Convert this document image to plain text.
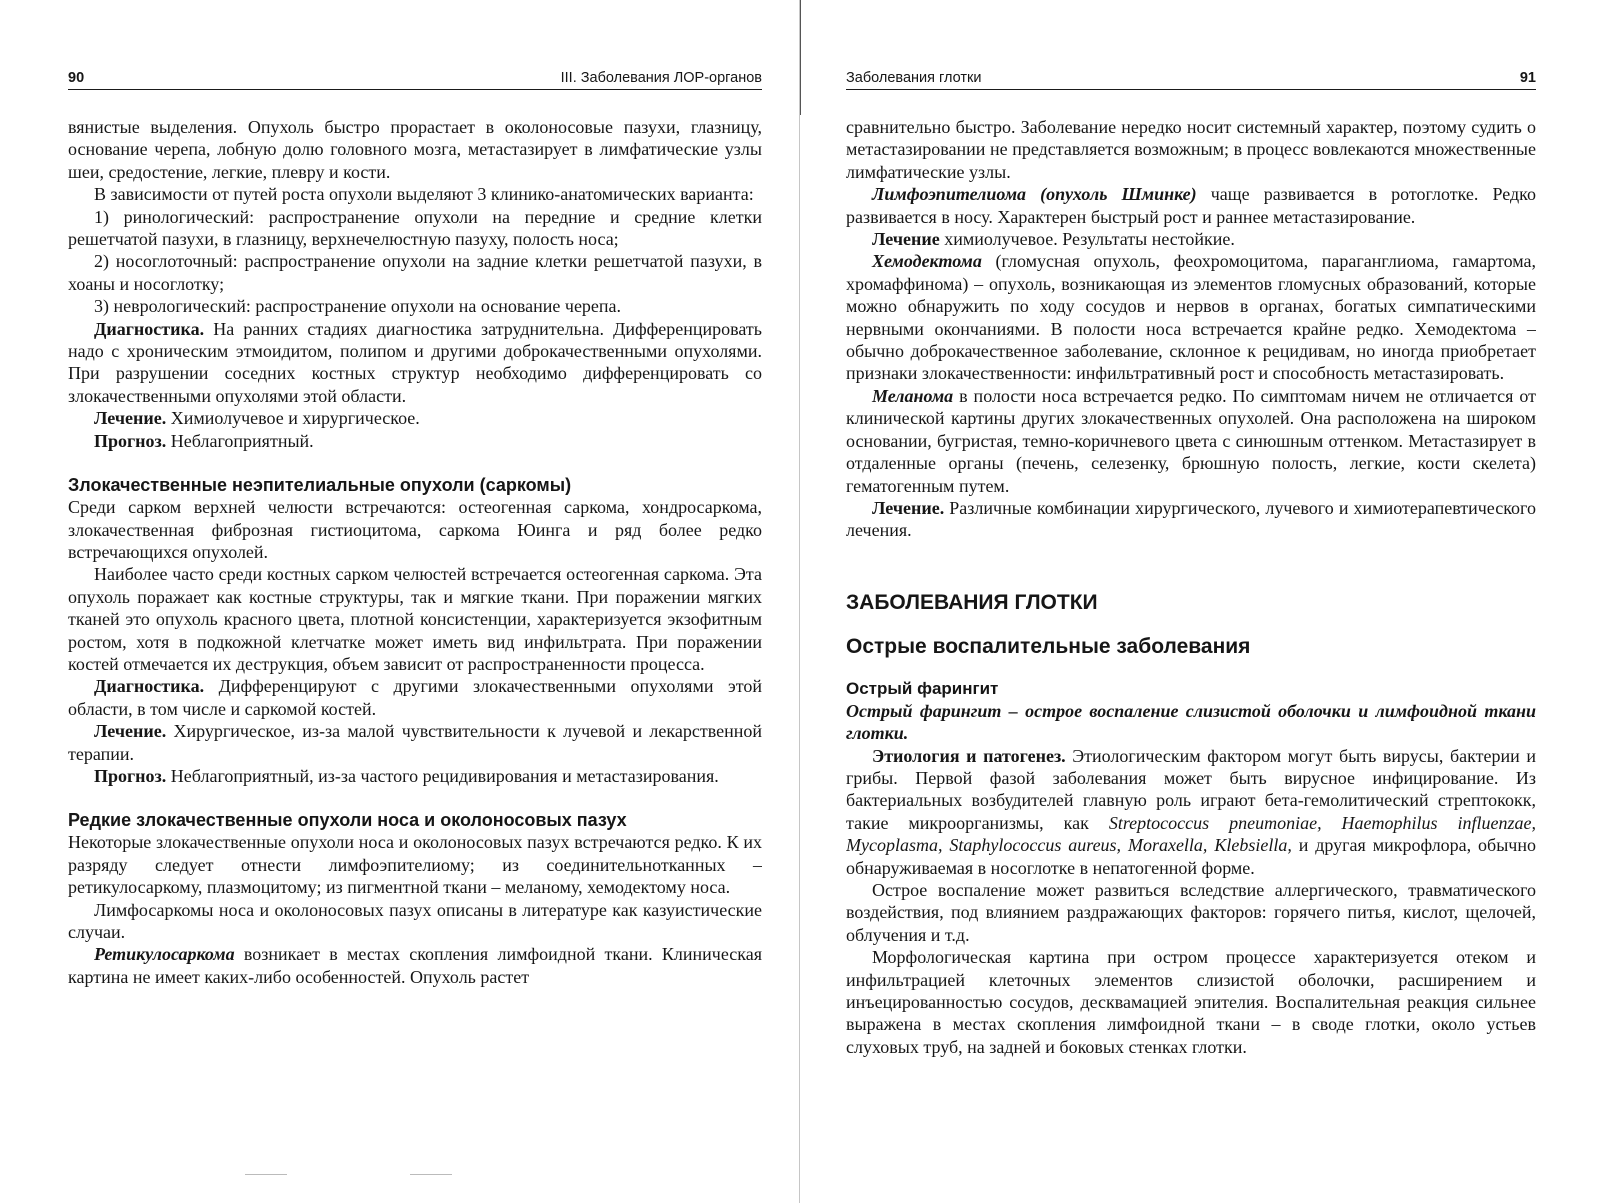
90	III. Заболевания ЛОР-органов

вянистые выделения. Опухоль быстро прорастает в околоносовые пазухи, глазницу, основание черепа, лобную долю головного мозга, метастазирует в лимфатические узлы шеи, средостение, легкие, плевру и кости.

В зависимости от путей роста опухоли выделяют 3 клинико-анатомических варианта:

1) ринологический: распространение опухоли на передние и средние клетки решетчатой пазухи, в глазницу, верхнечелюстную пазуху, полость носа;

2) носоглоточный: распространение опухоли на задние клетки решетчатой пазухи, в хоаны и носоглотку;

3) неврологический: распространение опухоли на основание черепа.

Диагностика. На ранних стадиях диагностика затруднительна. Дифференцировать надо с хроническим этмоидитом, полипом и другими доброкачественными опухолями. При разрушении соседних костных структур необходимо дифференцировать со злокачественными опухолями этой области.

Лечение. Химиолучевое и хирургическое.

Прогноз. Неблагоприятный.

Злокачественные неэпителиальные опухоли (саркомы)

Среди сарком верхней челюсти встречаются: остеогенная саркома, хондросаркома, злокачественная фиброзная гистиоцитома, саркома Юинга и ряд более редко встречающихся опухолей.

Наиболее часто среди костных сарком челюстей встречается остеогенная саркома. Эта опухоль поражает как костные структуры, так и мягкие ткани. При поражении мягких тканей это опухоль красного цвета, плотной консистенции, характеризуется экзофитным ростом, хотя в подкожной клетчатке может иметь вид инфильтрата. При поражении костей отмечается их деструкция, объем зависит от распространенности процесса.

Диагностика. Дифференцируют с другими злокачественными опухолями этой области, в том числе и саркомой костей.

Лечение. Хирургическое, из-за малой чувствительности к лучевой и лекарственной терапии.

Прогноз. Неблагоприятный, из-за частого рецидивирования и метастазирования.

Редкие злокачественные опухоли носа и околоносовых пазух

Некоторые злокачественные опухоли носа и околоносовых пазух встречаются редко. К их разряду следует отнести лимфоэпителиому; из соединительнотканных – ретикулосаркому, плазмоцитому; из пигментной ткани – меланому, хемодектому носа.

Лимфосаркомы носа и околоносовых пазух описаны в литературе как казуистические случаи.

Ретикулосаркома возникает в местах скопления лимфоидной ткани. Клиническая картина не имеет каких-либо особенностей. Опухоль растет

Заболевания глотки	91

сравнительно быстро. Заболевание нередко носит системный характер, поэтому судить о метастазировании не представляется возможным; в процесс вовлекаются множественные лимфатические узлы.

Лимфоэпителиома (опухоль Шминке) чаще развивается в ротоглотке. Редко развивается в носу. Характерен быстрый рост и раннее метастазирование.

Лечение химиолучевое. Результаты нестойкие.

Хемодектома (гломусная опухоль, феохромоцитома, параганглиома, гамартома, хромаффинома) – опухоль, возникающая из элементов гломусных образований, которые можно обнаружить по ходу сосудов и нервов в органах, богатых симпатическими нервными окончаниями. В полости носа встречается крайне редко. Хемодектома – обычно доброкачественное заболевание, склонное к рецидивам, но иногда приобретает признаки злокачественности: инфильтративный рост и способность метастазировать.

Меланома в полости носа встречается редко. По симптомам ничем не отличается от клинической картины других злокачественных опухолей. Она расположена на широком основании, бугристая, темно-коричневого цвета с синюшным оттенком. Метастазирует в отдаленные органы (печень, селезенку, брюшную полость, легкие, кости скелета) гематогенным путем.

Лечение. Различные комбинации хирургического, лучевого и химиотерапевтического лечения.

ЗАБОЛЕВАНИЯ ГЛОТКИ
Острые воспалительные заболевания
Острый фарингит

Острый фарингит – острое воспаление слизистой оболочки и лимфоидной ткани глотки.

Этиология и патогенез. Этиологическим фактором могут быть вирусы, бактерии и грибы. Первой фазой заболевания может быть вирусное инфицирование. Из бактериальных возбудителей главную роль играют бета-гемолитический стрептококк, такие микроорганизмы, как Streptococcus pneumoniae, Haemophilus influenzae, Mycoplasma, Staphylococcus aureus, Moraxella, Klebsiella, и другая микрофлора, обычно обнаруживаемая в носоглотке в непатогенной форме.

Острое воспаление может развиться вследствие аллергического, травматического воздействия, под влиянием раздражающих факторов: горячего питья, кислот, щелочей, облучения и т.д.

Морфологическая картина при остром процессе характеризуется отеком и инфильтрацией клеточных элементов слизистой оболочки, расширением и инъецированностью сосудов, десквамацией эпителия. Воспалительная реакция сильнее выражена в местах скопления лимфоидной ткани – в своде глотки, около устьев слуховых труб, на задней и боковых стенках глотки.
